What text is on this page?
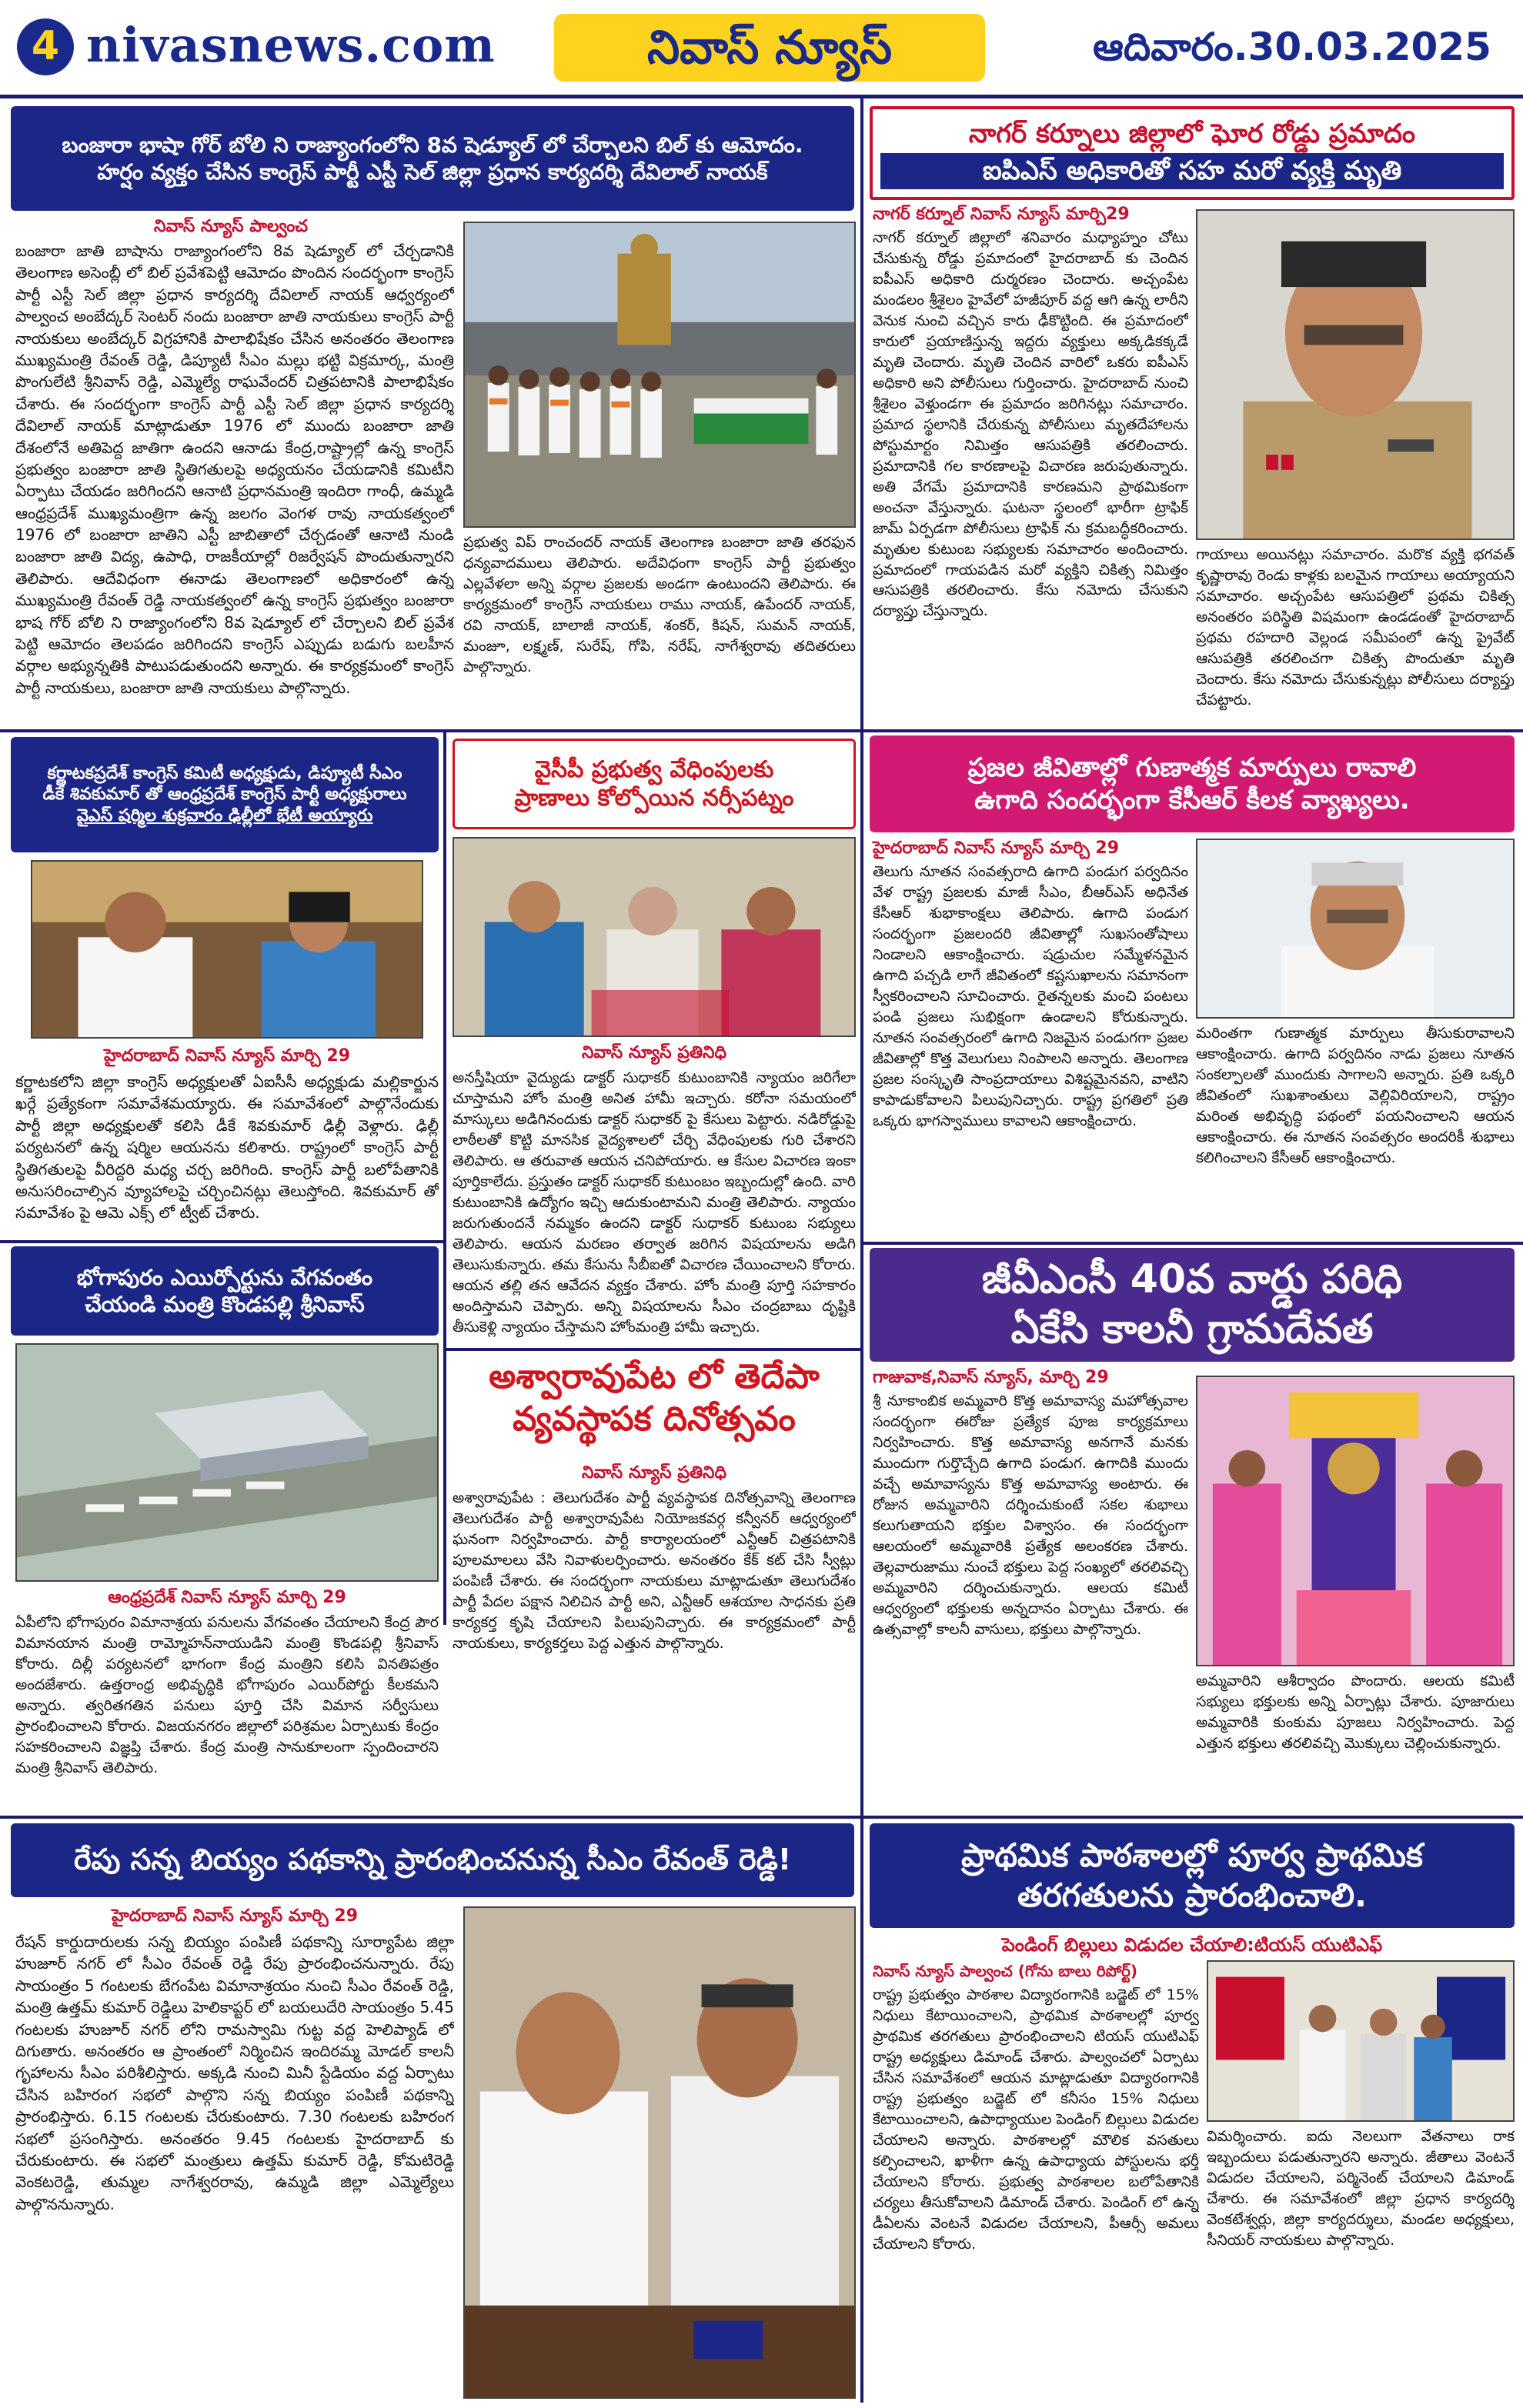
4 nivasnews.com	నివాస్ న్యూస్	ఆదివారం.30.03.2025
బంజారా భాషా గోర్ బోలి ని రాజ్యాంగంలోని 8వ షెడ్యూల్ లో చేర్చాలని బిల్ కు ఆమోదం.
హర్షం వ్యక్తం చేసిన కాంగ్రెస్ పార్టీ ఎస్టీ సెల్ జిల్లా ప్రధాన కార్యదర్శి దేవిలాల్ నాయక్
నివాస్ న్యూస్ పాల్వంచ
బంజారా జాతి బాషాను రాజ్యాంగంలోని 8వ షెడ్యూల్ లో చేర్చడానికి తెలంగాణ అసెంబ్లీ లో బిల్ ప్రవేశపెట్టి ఆమోదం పొందిన సందర్భంగా కాంగ్రెస్ పార్టీ ఎస్టీ సెల్ జిల్లా ప్రధాన కార్యదర్శి దేవిలాల్ నాయక్ ఆధ్వర్యంలో పాల్వంచ అంబేద్కర్ సెంటర్ నందు బంజారా జాతి నాయకులు కాంగ్రెస్ పార్టీ నాయకులు అంబేద్కర్ విగ్రహానికి పాలాభిషేకం చేసిన అనంతరం తెలంగాణ ముఖ్యమంత్రి రేవంత్ రెడ్డి, డిప్యూటీ సీఎం మల్లు భట్టి విక్రమార్క, మంత్రి పొంగులేటి శ్రీనివాస్ రెడ్డి, ఎమ్మెల్యే రాఘవేందర్ చిత్రపటానికి పాలాభిషేకం చేశారు. ఈ సందర్భంగా కాంగ్రెస్ పార్టీ ఎస్టీ సెల్ జిల్లా ప్రధాన కార్యదర్శి దేవిలాల్ నాయక్ మాట్లాడుతూ 1976 లో ముందు బంజారా జాతి దేశంలోనే అతిపెద్ద జాతిగా ఉందని ఆనాడు కేంద్ర,రాష్ట్రాల్లో ఉన్న కాంగ్రెస్ ప్రభుత్వం బంజారా జాతి స్థితిగతులపై అధ్యయనం చేయడానికి కమిటీని ఏర్పాటు చేయడం జరిగిందని ఆనాటి ప్రధానమంత్రి ఇందిరా గాంధీ, ఉమ్మడి ఆంధ్రప్రదేశ్ ముఖ్యమంత్రిగా ఉన్న జలగం వెంగళ రావు నాయకత్వంలో 1976 లో బంజారా జాతిని ఎస్టీ జాబితాలో చేర్చడంతో ఆనాటి నుండి బంజారా జాతి విద్య, ఉపాధి, రాజకీయాల్లో రిజర్వేషన్ పొందుతున్నారని తెలిపారు. ఆదేవిధంగా ఈనాడు తెలంగాణలో అధికారంలో ఉన్న ముఖ్యమంత్రి రేవంత్ రెడ్డి నాయకత్వంలో ఉన్న కాంగ్రెస్ ప్రభుత్వం బంజారా భాష గోర్ బోలి ని రాజ్యాంగంలోని 8వ షెడ్యూల్ లో చేర్చాలని బిల్ ప్రవేశ పెట్టి ఆమోదం తెలపడం జరిగిందని కాంగ్రెస్ ఎప్పుడు బడుగు బలహీన వర్గాల అభ్యున్నతికి పాటుపడుతుందని అన్నారు. ఈ కార్యక్రమంలో కాంగ్రెస్ పార్టీ నాయకులు, బంజారా జాతి నాయకులు పాల్గొన్నారు.
ప్రభుత్వ విప్ రాంచందర్ నాయక్ తెలంగాణ బంజారా జాతి తరఫున ధన్యవాదములు తెలిపారు. అదేవిధంగా కాంగ్రెస్ పార్టీ ప్రభుత్వం ఎల్లవేళలా అన్ని వర్గాల ప్రజలకు అండగా ఉంటుందని తెలిపారు. ఈ కార్యక్రమంలో కాంగ్రెస్ నాయకులు రాము నాయక్, ఉపేందర్ నాయక్, రవి నాయక్, బాలాజీ నాయక్, శంకర్, కిషన్, సుమన్ నాయక్, మంజూ, లక్ష్మణ్, సురేష్, గోపి, నరేష్, నాగేశ్వరావు తదితరులు పాల్గొన్నారు.
నాగర్ కర్నూలు జిల్లాలో ఘోర రోడ్డు ప్రమాదం
ఐపిఎస్ అధికారితో సహ మరో వ్యక్తి మృతి
నాగర్ కర్నూల్ నివాస్ న్యూస్ మార్చి29
నాగర్ కర్నూల్ జిల్లాలో శనివారం మధ్యాహ్నం చోటు చేసుకున్న రోడ్డు ప్రమాదంలో హైదరాబాద్ కు చెందిన ఐపీఎస్ అధికారి దుర్మరణం చెందారు. అచ్చంపేట మండలం శ్రీశైలం హైవేలో హజీపూర్ వద్ద ఆగి ఉన్న లారీని వెనుక నుంచి వచ్చిన కారు ఢీకొట్టింది. ఈ ప్రమాదంలో కారులో ప్రయాణిస్తున్న ఇద్దరు వ్యక్తులు అక్కడికక్కడే మృతి చెందారు. మృతి చెందిన వారిలో ఒకరు ఐపీఎస్ అధికారి అని పోలీసులు గుర్తించారు. హైదరాబాద్ నుంచి శ్రీశైలం వెళ్తుండగా ఈ ప్రమాదం జరిగినట్లు సమాచారం. ప్రమాద స్థలానికి చేరుకున్న పోలీసులు మృతదేహాలను పోస్టుమార్టం నిమిత్తం ఆసుపత్రికి తరలించారు. ప్రమాదానికి గల కారణాలపై విచారణ జరుపుతున్నారు. అతి వేగమే ప్రమాదానికి కారణమని ప్రాథమికంగా అంచనా వేస్తున్నారు. ఘటనా స్థలంలో భారీగా ట్రాఫిక్ జామ్ ఏర్పడగా పోలీసులు ట్రాఫిక్ ను క్రమబద్ధీకరించారు. మృతుల కుటుంబ సభ్యులకు సమాచారం అందించారు. ప్రమాదంలో గాయపడిన మరో వ్యక్తిని చికిత్స నిమిత్తం ఆసుపత్రికి తరలించారు. కేసు నమోదు చేసుకుని దర్యాప్తు చేస్తున్నారు.
గాయాలు అయినట్లు సమాచారం. మరొక వ్యక్తి భగవత్ కృష్ణారావు రెండు కాళ్లకు బలమైన గాయాలు అయ్యాయని సమాచారం. అచ్చంపేట ఆసుపత్రిలో ప్రథమ చికిత్స అనంతరం పరిస్థితి విషమంగా ఉండడంతో హైదరాబాద్ ప్రథమ రహదారి వెల్లండ సమీపంలో ఉన్న ప్రైవేట్ ఆసుపత్రికి తరలించగా చికిత్స పొందుతూ మృతి చెందారు. కేసు నమోదు చేసుకున్నట్లు పోలీసులు దర్యాప్తు చేపట్టారు.
కర్ణాటకప్రదేశ్ కాంగ్రెస్ కమిటీ అధ్యక్షుడు, డిప్యూటీ సీఎం
డీకే శివకుమార్ తో ఆంధ్రప్రదేశ్ కాంగ్రెస్ పార్టీ అధ్యక్షురాలు
వైఎస్ షర్మిల శుక్రవారం ఢిల్లీలో భేటీ అయ్యారు
హైదరాబాద్ నివాస్ న్యూస్ మార్చి 29
కర్ణాటకలోని జిల్లా కాంగ్రెస్ అధ్యక్షులతో ఏఐసీసీ అధ్యక్షుడు మల్లికార్జున ఖర్గే ప్రత్యేకంగా సమావేశమయ్యారు. ఈ సమావేశంలో పాల్గొనేందుకు పార్టీ జిల్లా అధ్యక్షులతో కలిసి డీకే శివకుమార్ ఢిల్లీ వెళ్లారు. ఢిల్లీ పర్యటనలో ఉన్న షర్మిల ఆయనను కలిశారు. రాష్ట్రంలో కాంగ్రెస్ పార్టీ స్థితిగతులపై వీరిద్దరి మధ్య చర్చ జరిగింది. కాంగ్రెస్ పార్టీ బలోపేతానికి అనుసరించాల్సిన వ్యూహాలపై చర్చించినట్లు తెలుస్తోంది. శివకుమార్ తో సమావేశం పై ఆమె ఎక్స్ లో ట్వీట్ చేశారు.
వైసీపీ ప్రభుత్వ వేధింపులకు
ప్రాణాలు కోల్పోయిన నర్సీపట్నం
నివాస్ న్యూస్ ప్రతినిధి
అనస్తీషియా వైద్యుడు డాక్టర్ సుధాకర్ కుటుంబానికి న్యాయం జరిగేలా చూస్తామని హోం మంత్రి అనిత హామీ ఇచ్చారు. కరోనా సమయంలో మాస్కులు అడిగినందుకు డాక్టర్ సుధాకర్ పై కేసులు పెట్టారు. నడిరోడ్డుపై లాఠీలతో కొట్టి మానసిక వైద్యశాలలో చేర్చి వేధింపులకు గురి చేశారని తెలిపారు. ఆ తరువాత ఆయన చనిపోయారు. ఆ కేసుల విచారణ ఇంకా పూర్తికాలేదు. ప్రస్తుతం డాక్టర్ సుధాకర్ కుటుంబం ఇబ్బందుల్లో ఉంది. వారి కుటుంబానికి ఉద్యోగం ఇచ్చి ఆదుకుంటామని మంత్రి తెలిపారు. న్యాయం జరుగుతుందనే నమ్మకం ఉందని డాక్టర్ సుధాకర్ కుటుంబ సభ్యులు తెలిపారు. ఆయన మరణం తర్వాత జరిగిన విషయాలను అడిగి తెలుసుకున్నారు. తమ కేసును సీబీఐతో విచారణ చేయించాలని కోరారు. ఆయన తల్లి తన ఆవేదన వ్యక్తం చేశారు. హోం మంత్రి పూర్తి సహకారం అందిస్తామని చెప్పారు. అన్ని విషయాలను సీఎం చంద్రబాబు దృష్టికి తీసుకెళ్లి న్యాయం చేస్తామని హోంమంత్రి హామీ ఇచ్చారు.
ప్రజల జీవితాల్లో గుణాత్మక మార్పులు రావాలి
ఉగాది సందర్భంగా కేసీఆర్ కీలక వ్యాఖ్యలు.
హైదరాబాద్ నివాస్ న్యూస్ మార్చి 29
తెలుగు నూతన సంవత్సరాది ఉగాది పండుగ పర్వదినం వేళ రాష్ట్ర ప్రజలకు మాజీ సీఎం, బీఆర్ఎస్ అధినేత కేసీఆర్ శుభాకాంక్షలు తెలిపారు. ఉగాది పండుగ సందర్భంగా ప్రజలందరి జీవితాల్లో సుఖసంతోషాలు నిండాలని ఆకాంక్షించారు. షడ్రుచుల సమ్మేళనమైన ఉగాది పచ్చడి లాగే జీవితంలో కష్టసుఖాలను సమానంగా స్వీకరించాలని సూచించారు. రైతన్నలకు మంచి పంటలు పండి ప్రజలు సుభిక్షంగా ఉండాలని కోరుకున్నారు. నూతన సంవత్సరంలో ఉగాది నిజమైన పండుగగా ప్రజల జీవితాల్లో కొత్త వెలుగులు నింపాలని అన్నారు. తెలంగాణ ప్రజల సంస్కృతి సాంప్రదాయాలు విశిష్టమైనవని, వాటిని కాపాడుకోవాలని పిలుపునిచ్చారు. రాష్ట్ర ప్రగతిలో ప్రతి ఒక్కరు భాగస్వాములు కావాలని ఆకాంక్షించారు.
మరింతగా గుణాత్మక మార్పులు తీసుకురావాలని ఆకాంక్షించారు. ఉగాది పర్వదినం నాడు ప్రజలు నూతన సంకల్పాలతో ముందుకు సాగాలని అన్నారు. ప్రతి ఒక్కరి జీవితంలో సుఖశాంతులు వెల్లివిరియాలని, రాష్ట్రం మరింత అభివృద్ధి పథంలో పయనించాలని ఆయన ఆకాంక్షించారు. ఈ నూతన సంవత్సరం అందరికీ శుభాలు కలిగించాలని కేసీఆర్ ఆకాంక్షించారు.
భోగాపురం ఎయిర్పోర్టును వేగవంతం
చేయండి మంత్రి కొండపల్లి శ్రీనివాస్
ఆంధ్రప్రదేశ్ నివాస్ న్యూస్ మార్చి 29
ఏపీలోని భోగాపురం విమానాశ్రయ పనులను వేగవంతం చేయాలని కేంద్ర పౌర విమానయాన మంత్రి రామ్మోహన్‌నాయుడిని మంత్రి కొండపల్లి శ్రీనివాస్ కోరారు. దిల్లీ పర్యటనలో భాగంగా కేంద్ర మంత్రిని కలిసి వినతిపత్రం అందజేశారు. ఉత్తరాంధ్ర అభివృద్ధికి భోగాపురం ఎయిర్‌పోర్టు కీలకమని అన్నారు. త్వరితగతిన పనులు పూర్తి చేసి విమాన సర్వీసులు ప్రారంభించాలని కోరారు. విజయనగరం జిల్లాలో పరిశ్రమల ఏర్పాటుకు కేంద్రం సహకరించాలని విజ్ఞప్తి చేశారు. కేంద్ర మంత్రి సానుకూలంగా స్పందించారని మంత్రి శ్రీనివాస్ తెలిపారు.
అశ్వారావుపేట లో తెదేపా
వ్యవస్థాపక దినోత్సవం
నివాస్ న్యూస్ ప్రతినిధి
అశ్వారావుపేట : తెలుగుదేశం పార్టీ వ్యవస్థాపక దినోత్సవాన్ని తెలంగాణ తెలుగుదేశం పార్టీ అశ్వారావుపేట నియోజకవర్గ కన్వీనర్ ఆధ్వర్యంలో ఘనంగా నిర్వహించారు. పార్టీ కార్యాలయంలో ఎన్టీఆర్ చిత్రపటానికి పూలమాలలు వేసి నివాళులర్పించారు. అనంతరం కేక్ కట్ చేసి స్వీట్లు పంపిణీ చేశారు. ఈ సందర్భంగా నాయకులు మాట్లాడుతూ తెలుగుదేశం పార్టీ పేదల పక్షాన నిలిచిన పార్టీ అని, ఎన్టీఆర్ ఆశయాల సాధనకు ప్రతి కార్యకర్త కృషి చేయాలని పిలుపునిచ్చారు. ఈ కార్యక్రమంలో పార్టీ నాయకులు, కార్యకర్తలు పెద్ద ఎత్తున పాల్గొన్నారు.
జీవీఎంసీ 40వ వార్డు పరిధి
ఏకేసి కాలనీ గ్రామదేవత
గాజువాక,నివాస్ న్యూస్, మార్చి 29
శ్రీ నూకాంబిక అమ్మవారి కొత్త అమావాస్య మహోత్సవాల సందర్భంగా ఈరోజు ప్రత్యేక పూజ కార్యక్రమాలు నిర్వహించారు. కొత్త అమావాస్య అనగానే మనకు ముందుగా గుర్తొచ్చేది ఉగాది పండుగ. ఉగాదికి ముందు వచ్చే అమావాస్యను కొత్త అమావాస్య అంటారు. ఈ రోజున అమ్మవారిని దర్శించుకుంటే సకల శుభాలు కలుగుతాయని భక్తుల విశ్వాసం. ఈ సందర్భంగా ఆలయంలో అమ్మవారికి ప్రత్యేక అలంకరణ చేశారు. తెల్లవారుజాము నుంచే భక్తులు పెద్ద సంఖ్యలో తరలివచ్చి అమ్మవారిని దర్శించుకున్నారు. ఆలయ కమిటీ ఆధ్వర్యంలో భక్తులకు అన్నదానం ఏర్పాటు చేశారు. ఈ ఉత్సవాల్లో కాలనీ వాసులు, భక్తులు పాల్గొన్నారు.
అమ్మవారిని ఆశీర్వాదం పొందారు. ఆలయ కమిటీ సభ్యులు భక్తులకు అన్ని ఏర్పాట్లు చేశారు. పూజారులు అమ్మవారికి కుంకుమ పూజలు నిర్వహించారు. పెద్ద ఎత్తున భక్తులు తరలివచ్చి మొక్కులు చెల్లించుకున్నారు.
రేపు సన్న బియ్యం పథకాన్ని ప్రారంభించనున్న సీఎం రేవంత్ రెడ్డి!
హైదరాబాద్ నివాస్ న్యూస్ మార్చి 29
రేషన్ కార్డుదారులకు సన్న బియ్యం పంపిణీ పథకాన్ని సూర్యాపేట జిల్లా హుజూర్ నగర్ లో సీఎం రేవంత్ రెడ్డి రేపు ప్రారంభించనున్నారు. రేపు సాయంత్రం 5 గంటలకు బేగంపేట విమానాశ్రయం నుంచి సీఎం రేవంత్ రెడ్డి, మంత్రి ఉత్తమ్ కుమార్ రెడ్డిలు హెలికాప్టర్ లో బయలుదేరి సాయంత్రం 5.45 గంటలకు హుజూర్ నగర్ లోని రామస్వామి గుట్ట వద్ద హెలిప్యాడ్ లో దిగుతారు. అనంతరం ఆ ప్రాంతంలో నిర్మించిన ఇందిరమ్మ మోడల్ కాలనీ గృహాలను సీఎం పరిశీలిస్తారు. అక్కడి నుంచి మినీ స్టేడియం వద్ద ఏర్పాటు చేసిన బహిరంగ సభలో పాల్గొని సన్న బియ్యం పంపిణీ పథకాన్ని ప్రారంభిస్తారు. 6.15 గంటలకు చేరుకుంటారు. 7.30 గంటలకు బహిరంగ సభలో ప్రసంగిస్తారు. అనంతరం 9.45 గంటలకు హైదరాబాద్ కు చేరుకుంటారు. ఈ సభలో మంత్రులు ఉత్తమ్ కుమార్ రెడ్డి, కోమటిరెడ్డి వెంకటరెడ్డి, తుమ్మల నాగేశ్వరరావు, ఉమ్మడి జిల్లా ఎమ్మెల్యేలు పాల్గొననున్నారు.
ప్రాథమిక పాఠశాలల్లో పూర్వ ప్రాథమిక
తరగతులను ప్రారంభించాలి.
పెండింగ్ బిల్లులు విడుదల చేయాలి:టియస్ యుటిఎఫ్
నివాస్ న్యూస్ పాల్వంచ (గోను బాలు రిపోర్ట్)
రాష్ట్ర ప్రభుత్వం పాఠశాల విద్యారంగానికి బడ్జెట్ లో 15% నిధులు కేటాయించాలని, ప్రాథమిక పాఠశాలల్లో పూర్వ ప్రాథమిక తరగతులు ప్రారంభించాలని టియస్ యుటిఎఫ్ రాష్ట్ర అధ్యక్షులు డిమాండ్ చేశారు. పాల్వంచలో ఏర్పాటు చేసిన సమావేశంలో ఆయన మాట్లాడుతూ విద్యారంగానికి రాష్ట్ర ప్రభుత్వం బడ్జెట్ లో కనీసం 15% నిధులు కేటాయించాలని, ఉపాధ్యాయుల పెండింగ్ బిల్లులు విడుదల చేయాలని అన్నారు. పాఠశాలల్లో మౌలిక వసతులు కల్పించాలని, ఖాళీగా ఉన్న ఉపాధ్యాయ పోస్టులను భర్తీ చేయాలని కోరారు. ప్రభుత్వ పాఠశాలల బలోపేతానికి చర్యలు తీసుకోవాలని డిమాండ్ చేశారు. పెండింగ్ లో ఉన్న డీఏలను వెంటనే విడుదల చేయాలని, పీఆర్సీ అమలు చేయాలని కోరారు.
విమర్శించారు. ఐదు నెలలుగా వేతనాలు రాక ఇబ్బందులు పడుతున్నారని అన్నారు. జీతాలు వెంటనే విడుదల చేయాలని, పర్మినెంట్ చేయాలని డిమాండ్ చేశారు. ఈ సమావేశంలో జిల్లా ప్రధాన కార్యదర్శి వెంకటేశ్వర్లు, జిల్లా కార్యదర్శులు, మండల అధ్యక్షులు, సీనియర్ నాయకులు పాల్గొన్నారు.
